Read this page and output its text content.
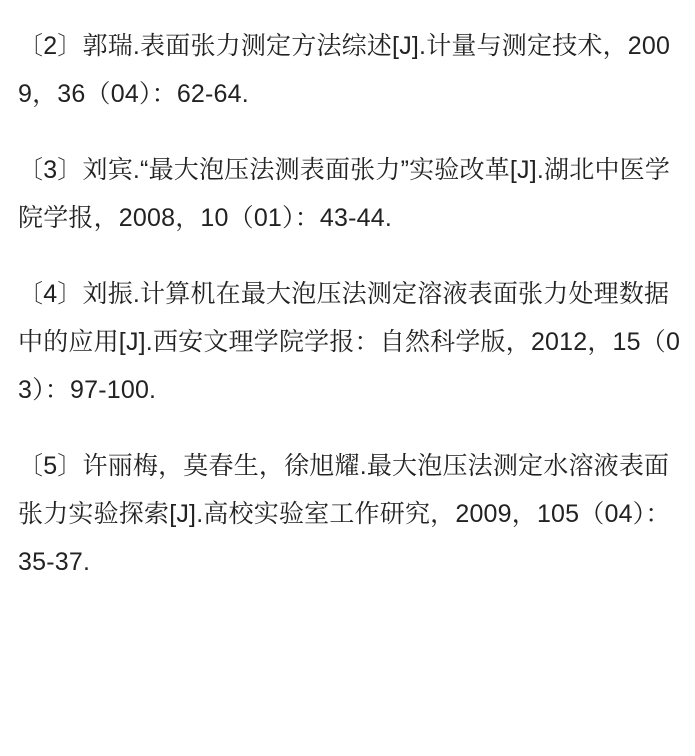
〔2〕郭瑞.表面张力测定方法综述[J].计量与测定技术，2009，36（04）：62-64.

〔3〕刘宾.“最大泡压法测表面张力”实验改革[J].湖北中医学院学报，2008，10（01）：43-44.

〔4〕刘振.计算机在最大泡压法测定溶液表面张力处理数据中的应用[J].西安文理学院学报：自然科学版，2012，15（03）：97-100.

〔5〕许丽梅，莫春生，徐旭耀.最大泡压法测定水溶液表面张力实验探索[J].高校实验室工作研究，2009，105（04）：35-37.
